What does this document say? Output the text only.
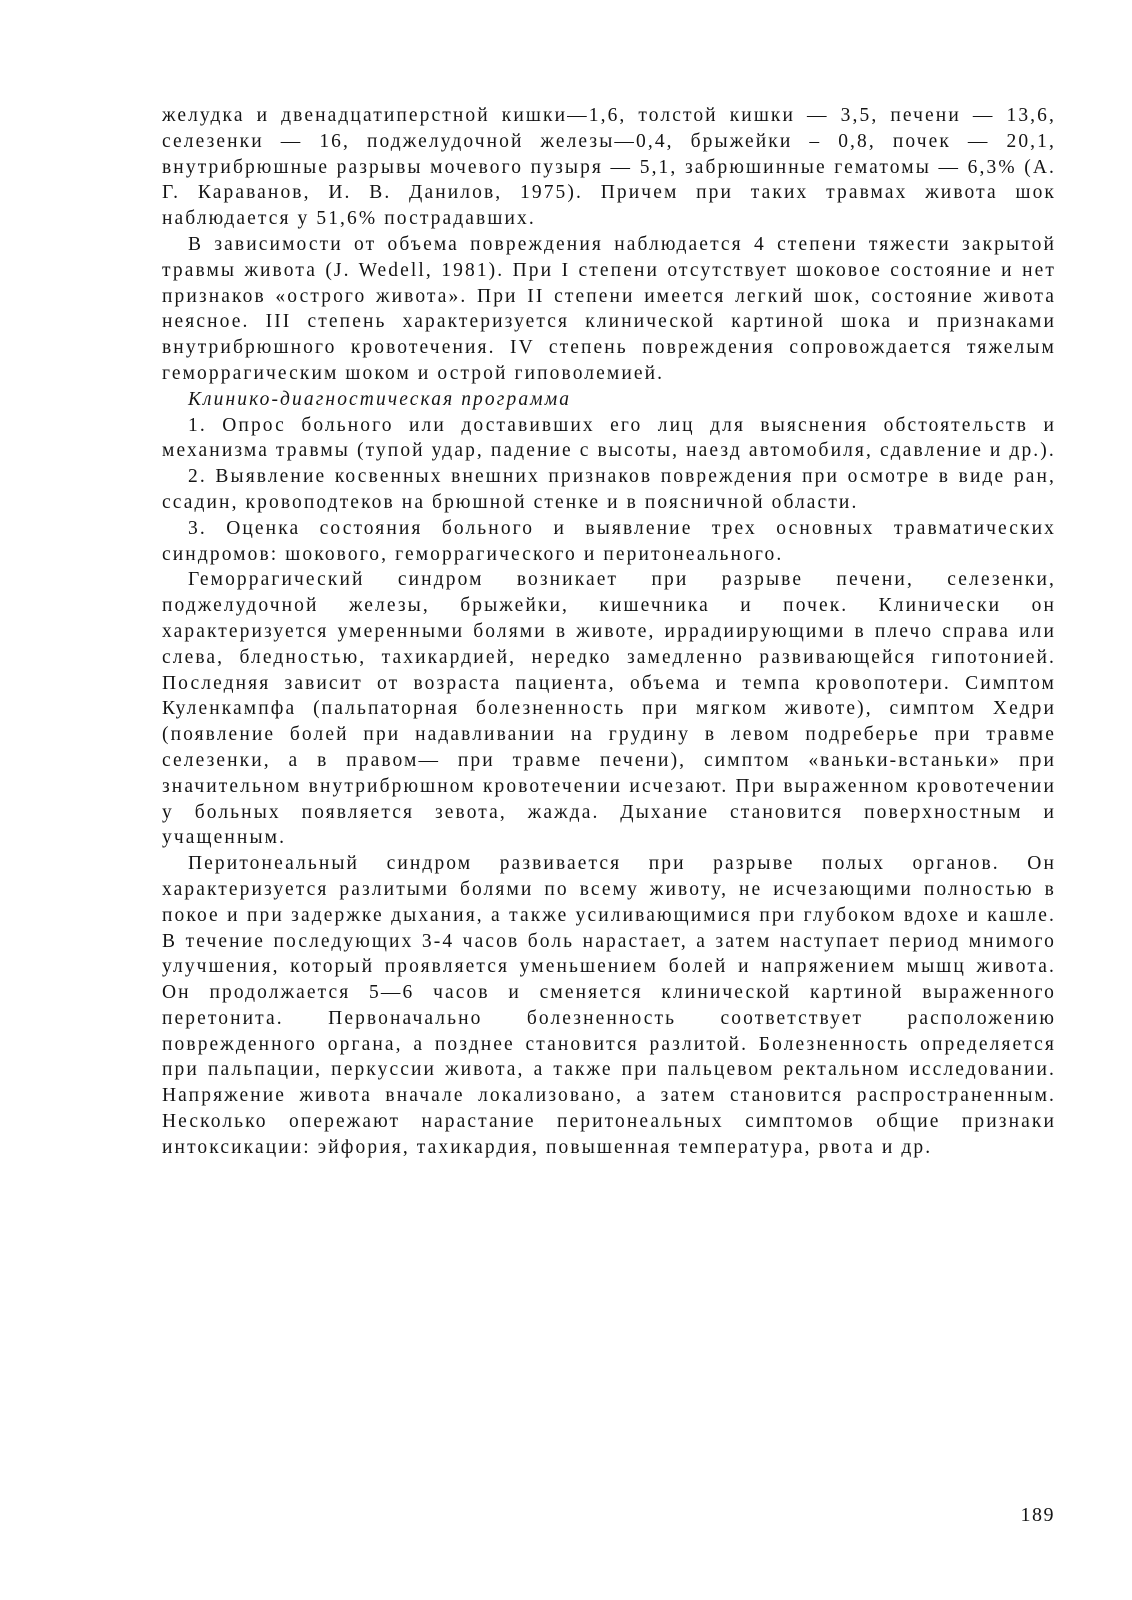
желудка и двенадцатиперстной кишки—1,6, толстой кишки — 3,5, печени — 13,6, селезенки — 16, поджелудочной железы—0,4, брыжейки – 0,8, почек — 20,1, внутрибрюшные разрывы мочевого пузыря — 5,1, забрюшинные гематомы — 6,3% (А. Г. Караванов, И. В. Данилов, 1975). Причем при таких травмах живота шок наблюдается у 51,6% пострадавших.

В зависимости от объема повреждения наблюдается 4 степени тяжести закрытой травмы живота (J. Wedell, 1981). При I степени отсутствует шоковое состояние и нет признаков «острого живота». При II степени имеется легкий шок, состояние живота неясное. III степень характеризуется клинической картиной шока и признаками внутрибрюшного кровотечения. IV степень повреждения сопровождается тяжелым геморрагическим шоком и острой гиповолемией.

Клинико-диагностическая программа

1. Опрос больного или доставивших его лиц для выяснения обстоятельств и механизма травмы (тупой удар, падение с высоты, наезд автомобиля, сдавление и др.).

2. Выявление косвенных внешних признаков повреждения при осмотре в виде ран, ссадин, кровоподтеков на брюшной стенке и в поясничной области.

3. Оценка состояния больного и выявление трех основных травматических синдромов: шокового, геморрагического и перитонеального.

Геморрагический синдром возникает при разрыве печени, селезенки, поджелудочной железы, брыжейки, кишечника и почек. Клинически он характеризуется умеренными болями в животе, иррадиирующими в плечо справа или слева, бледностью, тахикардией, нередко замедленно развивающейся гипотонией. Последняя зависит от возраста пациента, объема и темпа кровопотери. Симптом Куленкампфа (пальпаторная болезненность при мягком животе), симптом Хедри (появление болей при надавливании на грудину в левом подреберье при травме селезенки, а в правом— при травме печени), симптом «ваньки-встаньки» при значительном внутрибрюшном кровотечении исчезают. При выраженном кровотечении у больных появляется зевота, жажда. Дыхание становится поверхностным и учащенным.

Перитонеальный синдром развивается при разрыве полых органов. Он характеризуется разлитыми болями по всему животу, не исчезающими полностью в покое и при задержке дыхания, а также усиливающимися при глубоком вдохе и кашле. В течение последующих 3-4 часов боль нарастает, а затем наступает период мнимого улучшения, который проявляется уменьшением болей и напряжением мышц живота. Он продолжается 5—6 часов и сменяется клинической картиной выраженного перетонита. Первоначально болезненность соответствует расположению поврежденного органа, а позднее становится разлитой. Болезненность определяется при пальпации, перкуссии живота, а также при пальцевом ректальном исследовании. Напряжение живота вначале локализовано, а затем становится распространенным. Несколько опережают нарастание перитонеальных симптомов общие признаки интоксикации: эйфория, тахикардия, повышенная температура, рвота и др.

189
